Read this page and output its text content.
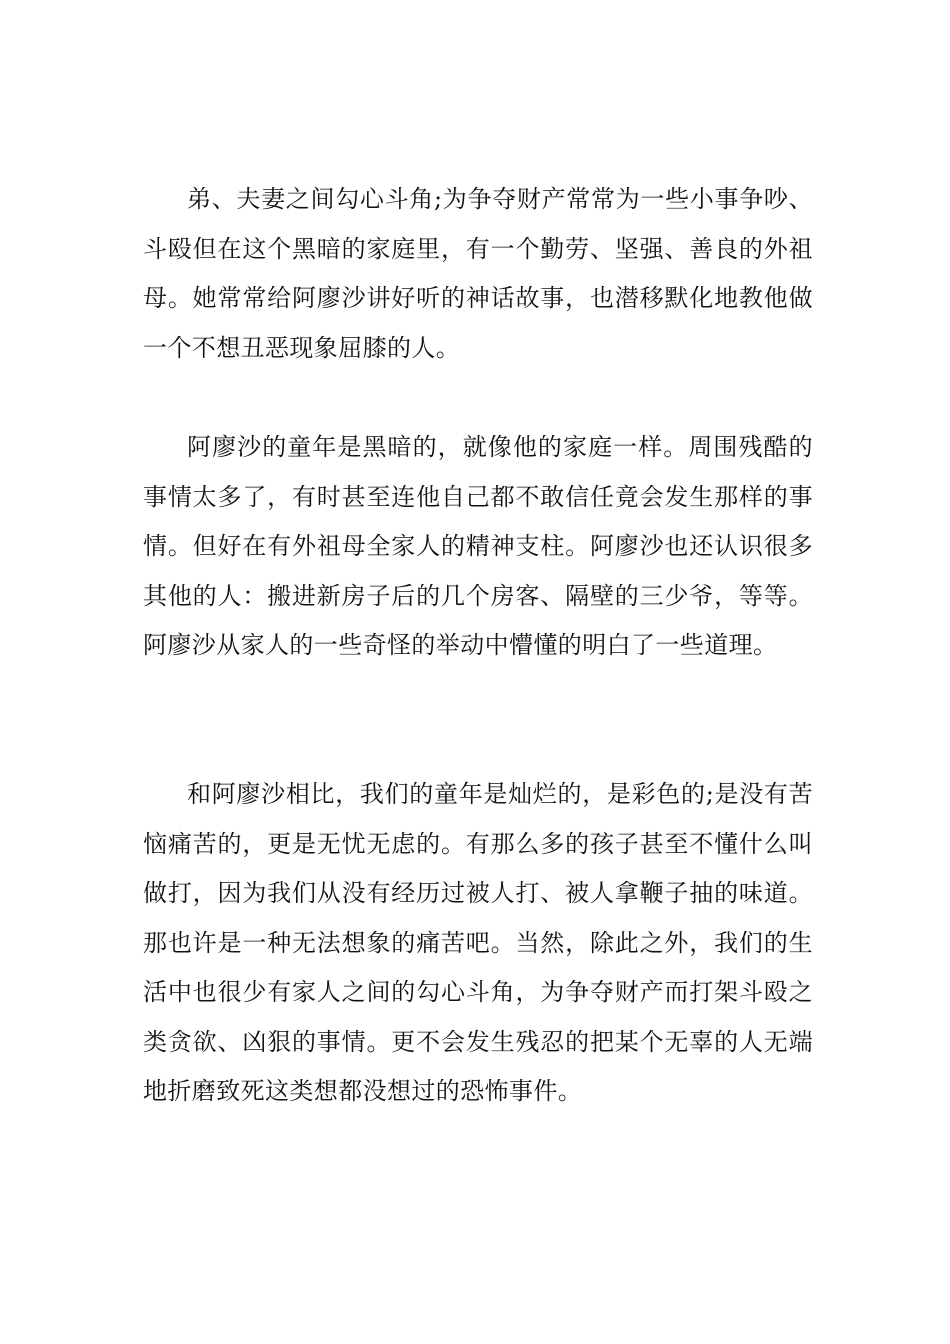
弟、夫妻之间勾心斗角;为争夺财产常常为一些小事争吵、斗殴但在这个黑暗的家庭里，有一个勤劳、坚强、善良的外祖母。她常常给阿廖沙讲好听的神话故事，也潜移默化地教他做一个不想丑恶现象屈膝的人。

阿廖沙的童年是黑暗的，就像他的家庭一样。周围残酷的事情太多了，有时甚至连他自己都不敢信任竟会发生那样的事情。但好在有外祖母全家人的精神支柱。阿廖沙也还认识很多其他的人：搬进新房子后的几个房客、隔壁的三少爷，等等。阿廖沙从家人的一些奇怪的举动中懵懂的明白了一些道理。

和阿廖沙相比，我们的童年是灿烂的，是彩色的;是没有苦恼痛苦的，更是无忧无虑的。有那么多的孩子甚至不懂什么叫做打，因为我们从没有经历过被人打、被人拿鞭子抽的味道。那也许是一种无法想象的痛苦吧。当然，除此之外，我们的生活中也很少有家人之间的勾心斗角，为争夺财产而打架斗殴之类贪欲、凶狠的事情。更不会发生残忍的把某个无辜的人无端地折磨致死这类想都没想过的恐怖事件。
